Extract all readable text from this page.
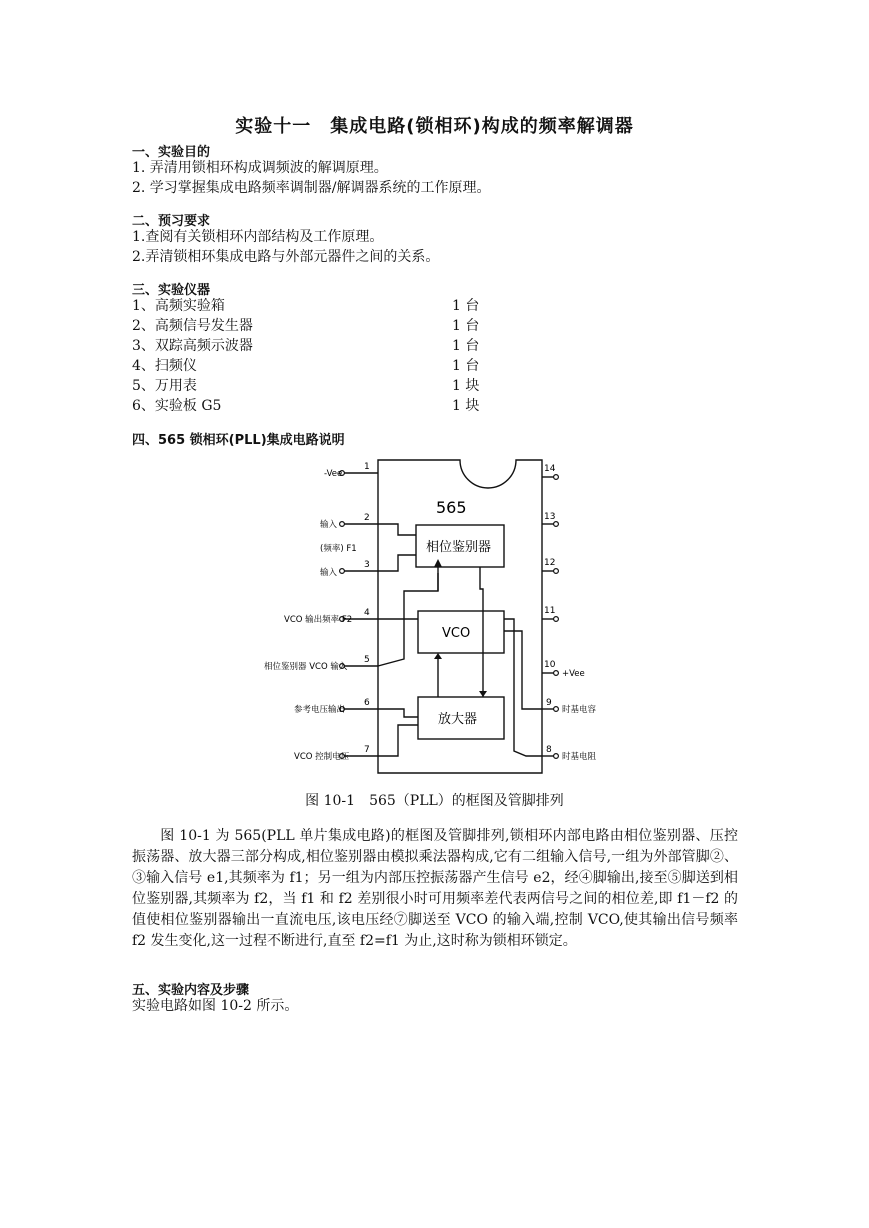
实验十一　集成电路(锁相环)构成的频率解调器
一、实验目的
1. 弄清用锁相环构成调频波的解调原理。
2. 学习掌握集成电路频率调制器/解调器系统的工作原理。
二、预习要求
1.查阅有关锁相环内部结构及工作原理。
2.弄清锁相环集成电路与外部元器件之间的关系。
三、实验仪器
1、高频实验箱	1 台
2、高频信号发生器	1 台
3、双踪高频示波器	1 台
4、扫频仪	1 台
5、万用表	1 块
6、实验板 G5	1 块
四、565 锁相环(PLL)集成电路说明
565
相位鉴别器
VCO
放大器
1
2
3
4
5
6
7	8
9
10
11
12
13
14
-Vee
输入
(频率) F1
输入
VCO 输出频率 F2
相位鉴别器 VCO 输入
参考电压输出
VCO 控制电压
+Vee
时基电容
时基电阻
图 10-1　565（PLL）的框图及管脚排列
图 10-1 为 565(PLL 单片集成电路)的框图及管脚排列,锁相环内部电路由相位鉴别器、压控振荡器、放大器三部分构成,相位鉴别器由模拟乘法器构成,它有二组输入信号,一组为外部管脚②、③输入信号 e1,其频率为 f1；另一组为内部压控振荡器产生信号 e2，经④脚输出,接至⑤脚送到相位鉴别器,其频率为 f2，当 f1 和 f2 差别很小时可用频率差代表两信号之间的相位差,即 f1－f2 的值使相位鉴别器输出一直流电压,该电压经⑦脚送至 VCO 的输入端,控制 VCO,使其输出信号频率 f2 发生变化,这一过程不断进行,直至 f2=f1 为止,这时称为锁相环锁定。
五、实验内容及步骤
实验电路如图 10-2 所示。
